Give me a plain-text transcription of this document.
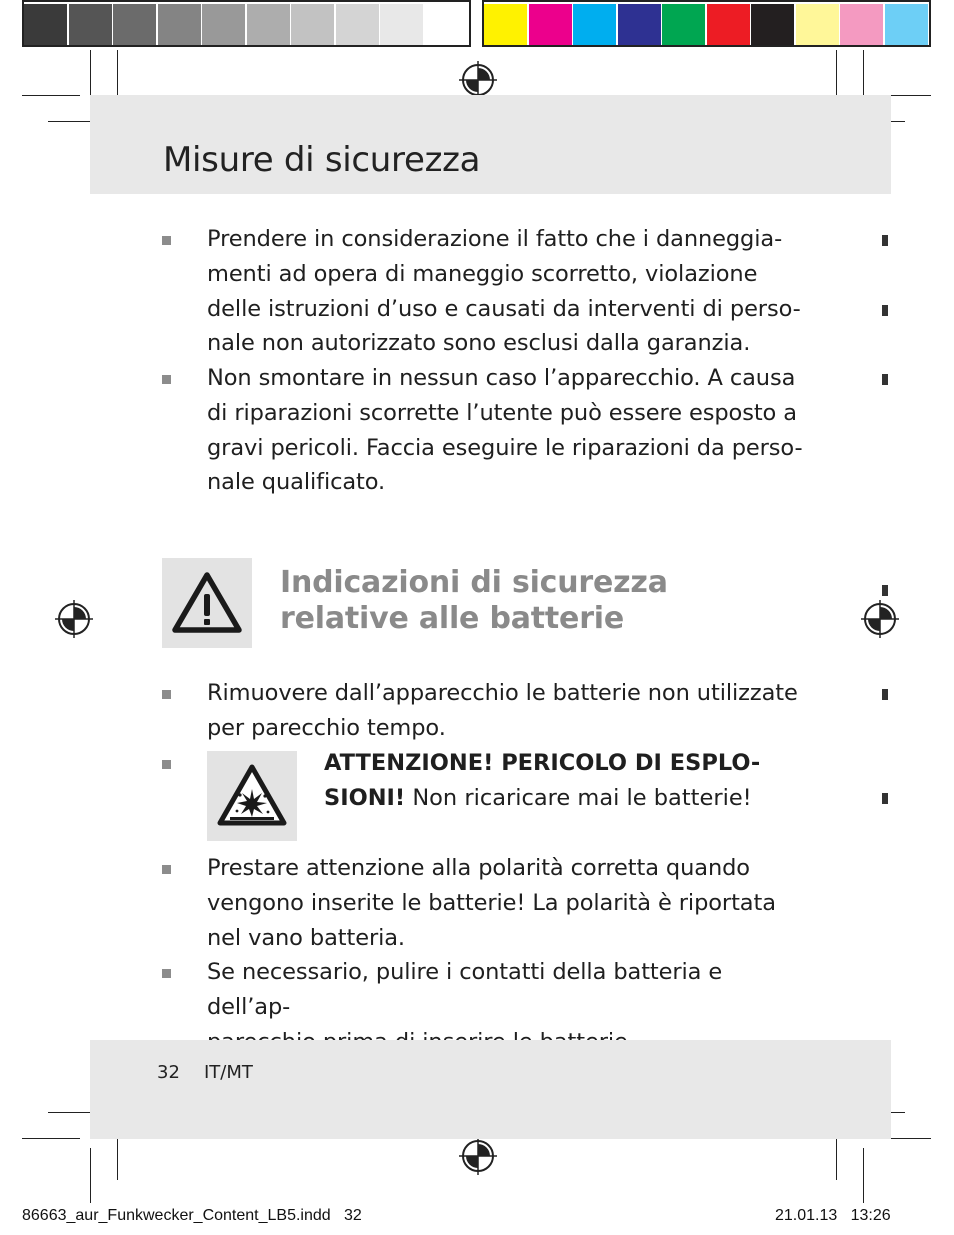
Misure di sicurezza
Prendere in considerazione il fatto che i danneggia-
menti ad opera di maneggio scorretto, violazione
delle istruzioni d’uso e causati da interventi di perso-
nale non autorizzato sono esclusi dalla garanzia.
Non smontare in nessun caso l’apparecchio. A causa
di riparazioni scorrette l’utente può essere esposto a
gravi pericoli. Faccia eseguire le riparazioni da perso-
nale qualificato.
Indicazioni di sicurezza
relative alle batterie
Rimuovere dall’apparecchio le batterie non utilizzate
per parecchio tempo.
ATTENZIONE! PERICOLO DI ESPLO-
SIONI! Non ricaricare mai le batterie!
Prestare attenzione alla polarità corretta quando
vengono inserite le batterie! La polarità è riportata
nel vano batteria.
Se necessario, pulire i contatti della batteria e dell’ap-

32 IT/MT
86663_aur_Funkwecker_Content_LB5.indd   32	21.01.13   13:26
